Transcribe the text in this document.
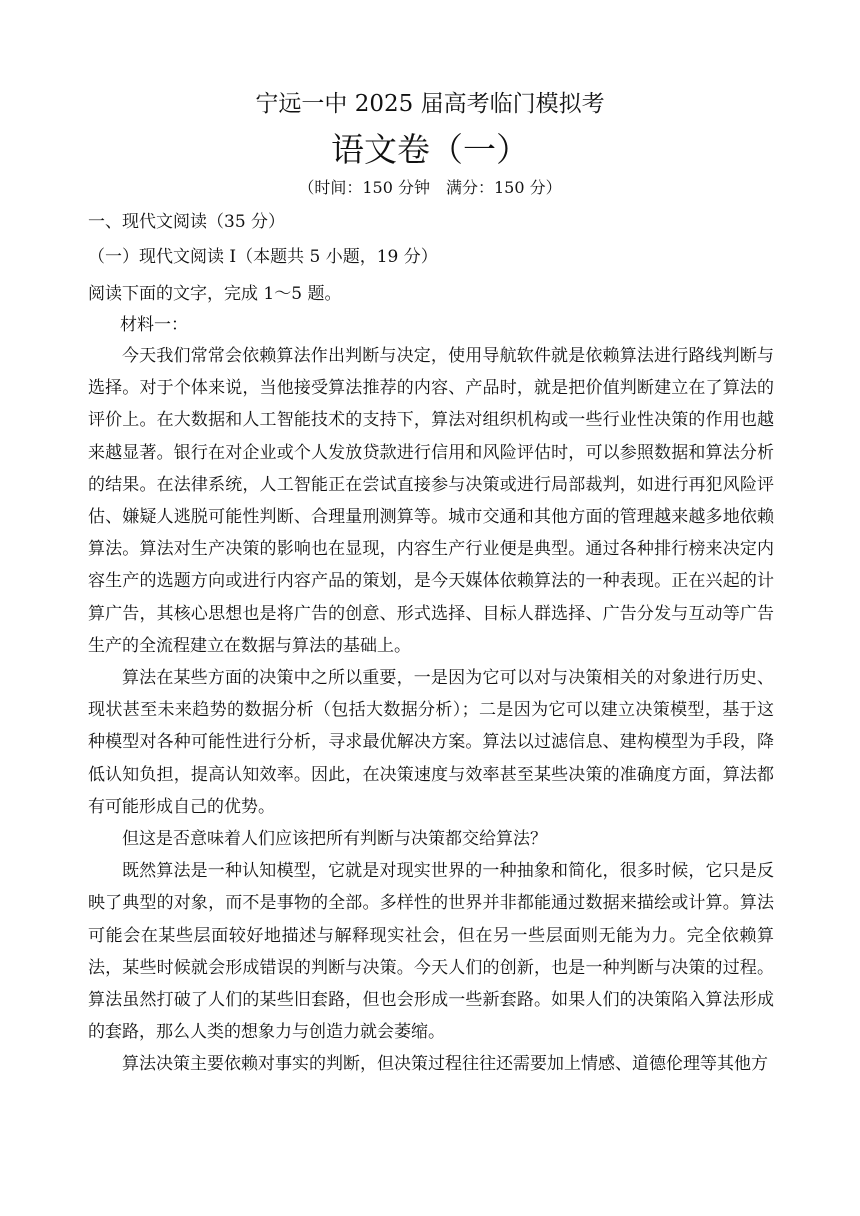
宁远一中 2025 届高考临门模拟考
语文卷（一）
（时间：150 分钟　满分：150 分）
一、现代文阅读（35 分）
（一）现代文阅读 I（本题共 5 小题，19 分）
阅读下面的文字，完成 1～5 题。
材料一：

今天我们常常会依赖算法作出判断与决定，使用导航软件就是依赖算法进行路线判断与选择。对于个体来说，当他接受算法推荐的内容、产品时，就是把价值判断建立在了算法的评价上。在大数据和人工智能技术的支持下，算法对组织机构或一些行业性决策的作用也越来越显著。银行在对企业或个人发放贷款进行信用和风险评估时，可以参照数据和算法分析的结果。在法律系统，人工智能正在尝试直接参与决策或进行局部裁判，如进行再犯风险评估、嫌疑人逃脱可能性判断、合理量刑测算等。城市交通和其他方面的管理越来越多地依赖算法。算法对生产决策的影响也在显现，内容生产行业便是典型。通过各种排行榜来决定内容生产的选题方向或进行内容产品的策划，是今天媒体依赖算法的一种表现。正在兴起的计算广告，其核心思想也是将广告的创意、形式选择、目标人群选择、广告分发与互动等广告生产的全流程建立在数据与算法的基础上。

算法在某些方面的决策中之所以重要，一是因为它可以对与决策相关的对象进行历史、现状甚至未来趋势的数据分析（包括大数据分析）；二是因为它可以建立决策模型，基于这种模型对各种可能性进行分析，寻求最优解决方案。算法以过滤信息、建构模型为手段，降低认知负担，提高认知效率。因此，在决策速度与效率甚至某些决策的准确度方面，算法都有可能形成自己的优势。

但这是否意味着人们应该把所有判断与决策都交给算法？

既然算法是一种认知模型，它就是对现实世界的一种抽象和简化，很多时候，它只是反映了典型的对象，而不是事物的全部。多样性的世界并非都能通过数据来描绘或计算。算法可能会在某些层面较好地描述与解释现实社会，但在另一些层面则无能为力。完全依赖算法，某些时候就会形成错误的判断与决策。今天人们的创新，也是一种判断与决策的过程。算法虽然打破了人们的某些旧套路，但也会形成一些新套路。如果人们的决策陷入算法形成的套路，那么人类的想象力与创造力就会萎缩。

算法决策主要依赖对事实的判断，但决策过程往往还需要加上情感、道德伦理等其他方
